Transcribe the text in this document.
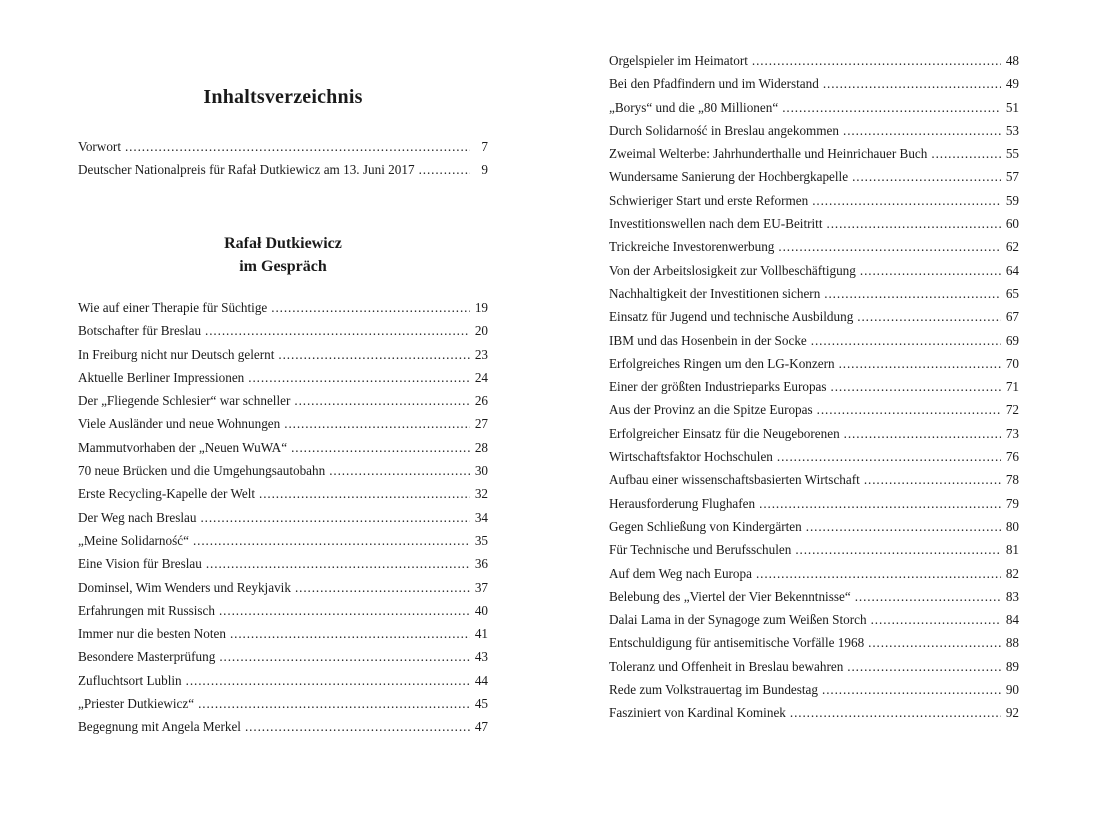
Inhaltsverzeichnis
Vorwort . . .	7
Deutscher Nationalpreis für Rafał Dutkiewicz am 13. Juni 2017 . . .	9
Rafał Dutkiewicz
im Gespräch
Wie auf einer Therapie für Süchtige . . .	19
Botschafter für Breslau . . .	20
In Freiburg nicht nur Deutsch gelernt . . .	23
Aktuelle Berliner Impressionen . . .	24
Der „Fliegende Schlesier“ war schneller . . .	26
Viele Ausländer und neue Wohnungen . . .	27
Mammutvorhaben der „Neuen WuWA“ . . .	28
70 neue Brücken und die Umgehungsautobahn . . .	30
Erste Recycling-Kapelle der Welt . . .	32
Der Weg nach Breslau . . .	34
„Meine Solidarność“ . . .	35
Eine Vision für Breslau . . .	36
Dominsel, Wim Wenders und Reykjavik . . .	37
Erfahrungen mit Russisch . . .	40
Immer nur die besten Noten . . .	41
Besondere Masterprüfung . . .	43
Zufluchtsort Lublin . . .	44
„Priester Dutkiewicz“ . . .	45
Begegnung mit Angela Merkel . . .	47
Orgelspieler im Heimatort . . .	48
Bei den Pfadfindern und im Widerstand . . .	49
„Borys“ und die „80 Millionen“ . . .	51
Durch Solidarność in Breslau angekommen . . .	53
Zweimal Welterbe: Jahrhunderthalle und Heinrichauer Buch . . .	55
Wundersame Sanierung der Hochbergkapelle . . .	57
Schwieriger Start und erste Reformen . . .	59
Investitionswellen nach dem EU-Beitritt . . .	60
Trickreiche Investorenwerbung . . .	62
Von der Arbeitslosigkeit zur Vollbeschäftigung . . .	64
Nachhaltigkeit der Investitionen sichern . . .	65
Einsatz für Jugend und technische Ausbildung . . .	67
IBM und das Hosenbein in der Socke . . .	69
Erfolgreiches Ringen um den LG-Konzern . . .	70
Einer der größten Industrieparks Europas . . .	71
Aus der Provinz an die Spitze Europas . . .	72
Erfolgreicher Einsatz für die Neugeborenen . . .	73
Wirtschaftsfaktor Hochschulen . . .	76
Aufbau einer wissenschaftsbasierten Wirtschaft . . .	78
Herausforderung Flughafen . . .	79
Gegen Schließung von Kindergärten . . .	80
Für Technische und Berufsschulen . . .	81
Auf dem Weg nach Europa . . .	82
Belebung des „Viertel der Vier Bekenntnisse“ . . .	83
Dalai Lama in der Synagoge zum Weißen Storch . . .	84
Entschuldigung für antisemitische Vorfälle 1968 . . .	88
Toleranz und Offenheit in Breslau bewahren . . .	89
Rede zum Volkstrauertag im Bundestag . . .	90
Fasziniert von Kardinal Kominek . . .	92
